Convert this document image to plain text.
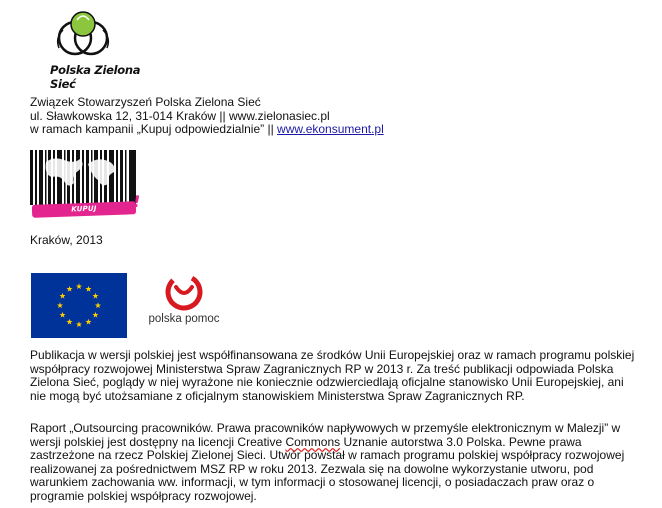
Polska Zielona Sieć
Związek Stowarzyszeń Polska Zielona Sieć
ul. Sławkowska 12, 31-014 Kraków || www.zielonasiec.pl
w ramach kampanii „Kupuj odpowiedzialnie” || www.ekonsument.pl
KUPUJ ODPOWIEDZIALNIE
!
Kraków, 2013
polska pomoc
Publikacja w wersji polskiej jest współfinansowana ze środków Unii Europejskiej oraz w ramach programu polskiej
współpracy rozwojowej Ministerstwa Spraw Zagranicznych RP w 2013 r. Za treść publikacji odpowiada Polska
Zielona Sieć, poglądy w niej wyrażone nie koniecznie odzwierciedlają oficjalne stanowisko Unii Europejskiej, ani
nie mogą być utożsamiane z oficjalnym stanowiskiem Ministerstwa Spraw Zagranicznych RP.
Raport „Outsourcing pracowników. Prawa pracowników napływowych w przemyśle elektronicznym w Malezji” w
wersji polskiej jest dostępny na licencji Creative Commons Uznanie autorstwa 3.0 Polska. Pewne prawa
zastrzeżone na rzecz Polskiej Zielonej Sieci. Utwór powstał w ramach programu polskiej współpracy rozwojowej
realizowanej za pośrednictwem MSZ RP w roku 2013. Zezwala się na dowolne wykorzystanie utworu, pod
warunkiem zachowania ww. informacji, w tym informacji o stosowanej licencji, o posiadaczach praw oraz o
programie polskiej współpracy rozwojowej.
